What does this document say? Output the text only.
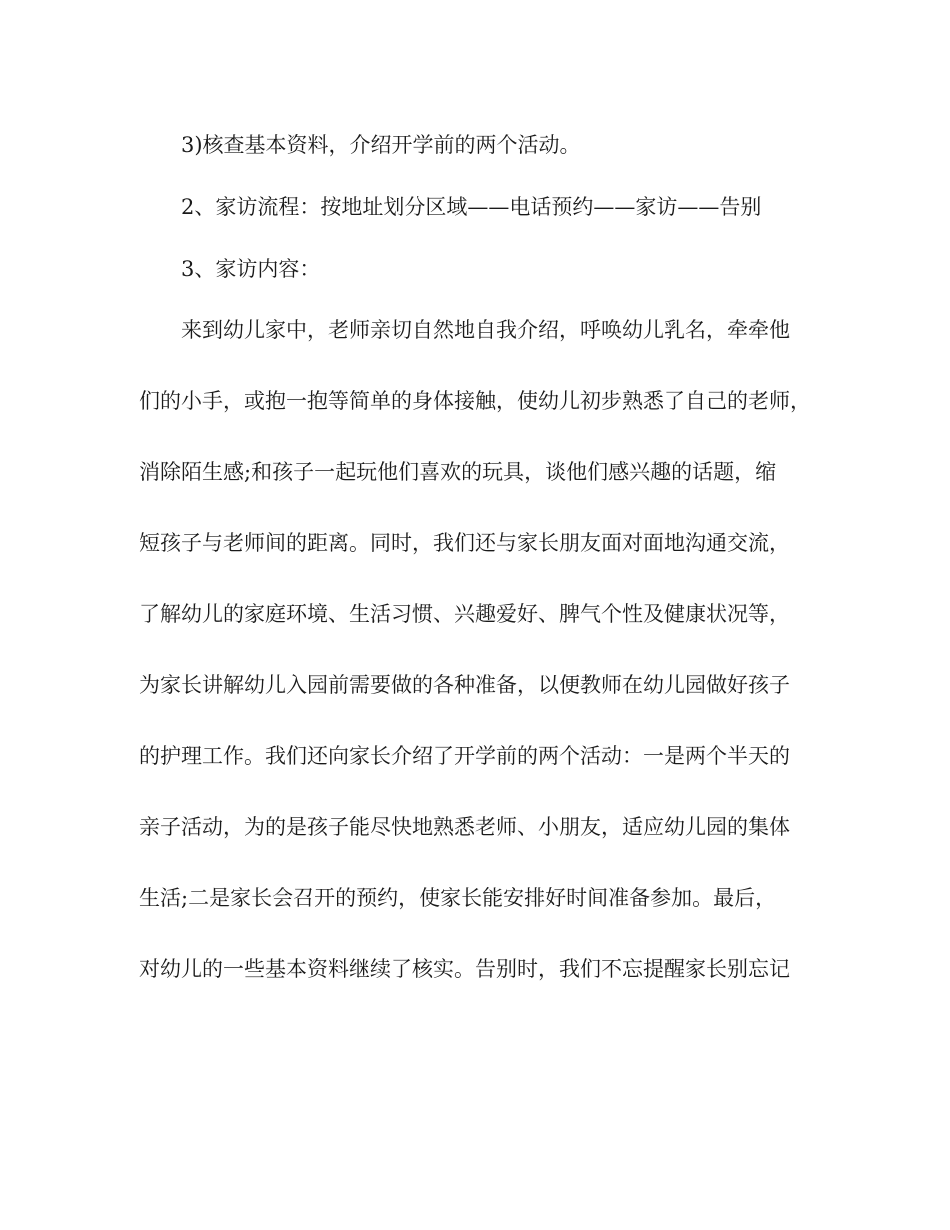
3)核查基本资料，介绍开学前的两个活动。
2、家访流程：按地址划分区域——电话预约——家访——告别
3、家访内容：
来到幼儿家中，老师亲切自然地自我介绍，呼唤幼儿乳名，牵牵他
们的小手，或抱一抱等简单的身体接触，使幼儿初步熟悉了自己的老师，
消除陌生感;和孩子一起玩他们喜欢的玩具，谈他们感兴趣的话题，缩
短孩子与老师间的距离。同时，我们还与家长朋友面对面地沟通交流，
了解幼儿的家庭环境、生活习惯、兴趣爱好、脾气个性及健康状况等，
为家长讲解幼儿入园前需要做的各种准备，以便教师在幼儿园做好孩子
的护理工作。我们还向家长介绍了开学前的两个活动：一是两个半天的
亲子活动，为的是孩子能尽快地熟悉老师、小朋友，适应幼儿园的集体
生活;二是家长会召开的预约，使家长能安排好时间准备参加。最后，
对幼儿的一些基本资料继续了核实。告别时，我们不忘提醒家长别忘记
